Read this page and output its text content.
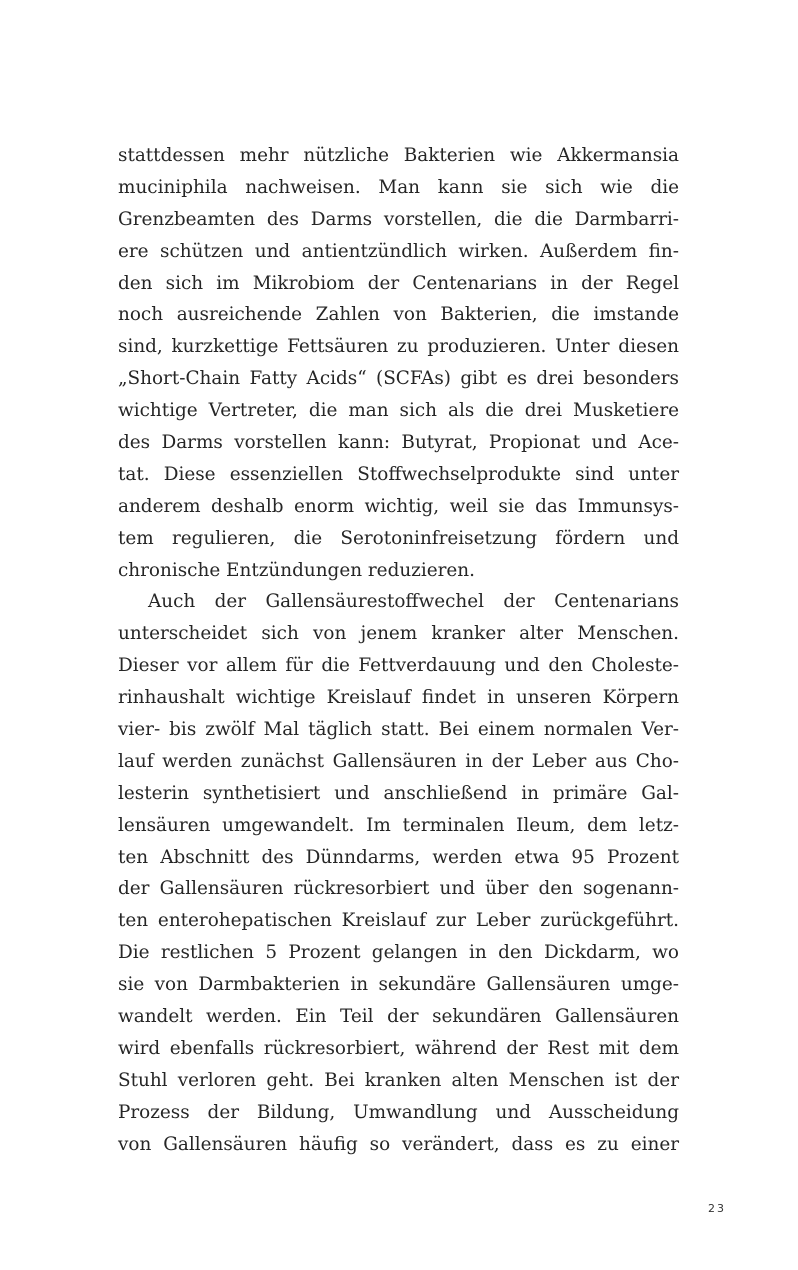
stattdessen mehr nützliche Bakterien wie Akkermansia
muciniphila nachweisen. Man kann sie sich wie die
Grenzbeamten des Darms vorstellen, die die Darmbarri-
ere schützen und antientzündlich wirken. Außerdem fin-
den sich im Mikrobiom der Centenarians in der Regel
noch ausreichende Zahlen von Bakterien, die imstande
sind, kurzkettige Fettsäuren zu produzieren. Unter diesen
„Short-Chain Fatty Acids“ (SCFAs) gibt es drei besonders
wichtige Vertreter, die man sich als die drei Musketiere
des Darms vorstellen kann: Butyrat, Propionat und Ace-
tat. Diese essenziellen Stoffwechselprodukte sind unter
anderem deshalb enorm wichtig, weil sie das Immunsys-
tem regulieren, die Serotoninfreisetzung fördern und
chronische Entzündungen reduzieren.
Auch der Gallensäurestoffwechel der Centenarians
unterscheidet sich von jenem kranker alter Menschen.
Dieser vor allem für die Fettverdauung und den Choleste-
rinhaushalt wichtige Kreislauf findet in unseren Körpern
vier- bis zwölf Mal täglich statt. Bei einem normalen Ver-
lauf werden zunächst Gallensäuren in der Leber aus Cho-
lesterin synthetisiert und anschließend in primäre Gal-
lensäuren umgewandelt. Im terminalen Ileum, dem letz-
ten Abschnitt des Dünndarms, werden etwa 95 Prozent
der Gallensäuren rückresorbiert und über den sogenann-
ten enterohepatischen Kreislauf zur Leber zurückgeführt.
Die restlichen 5 Prozent gelangen in den Dickdarm, wo
sie von Darmbakterien in sekundäre Gallensäuren umge-
wandelt werden. Ein Teil der sekundären Gallensäuren
wird ebenfalls rückresorbiert, während der Rest mit dem
Stuhl verloren geht. Bei kranken alten Menschen ist der
Prozess der Bildung, Umwandlung und Ausscheidung
von Gallensäuren häufig so verändert, dass es zu einer
23
